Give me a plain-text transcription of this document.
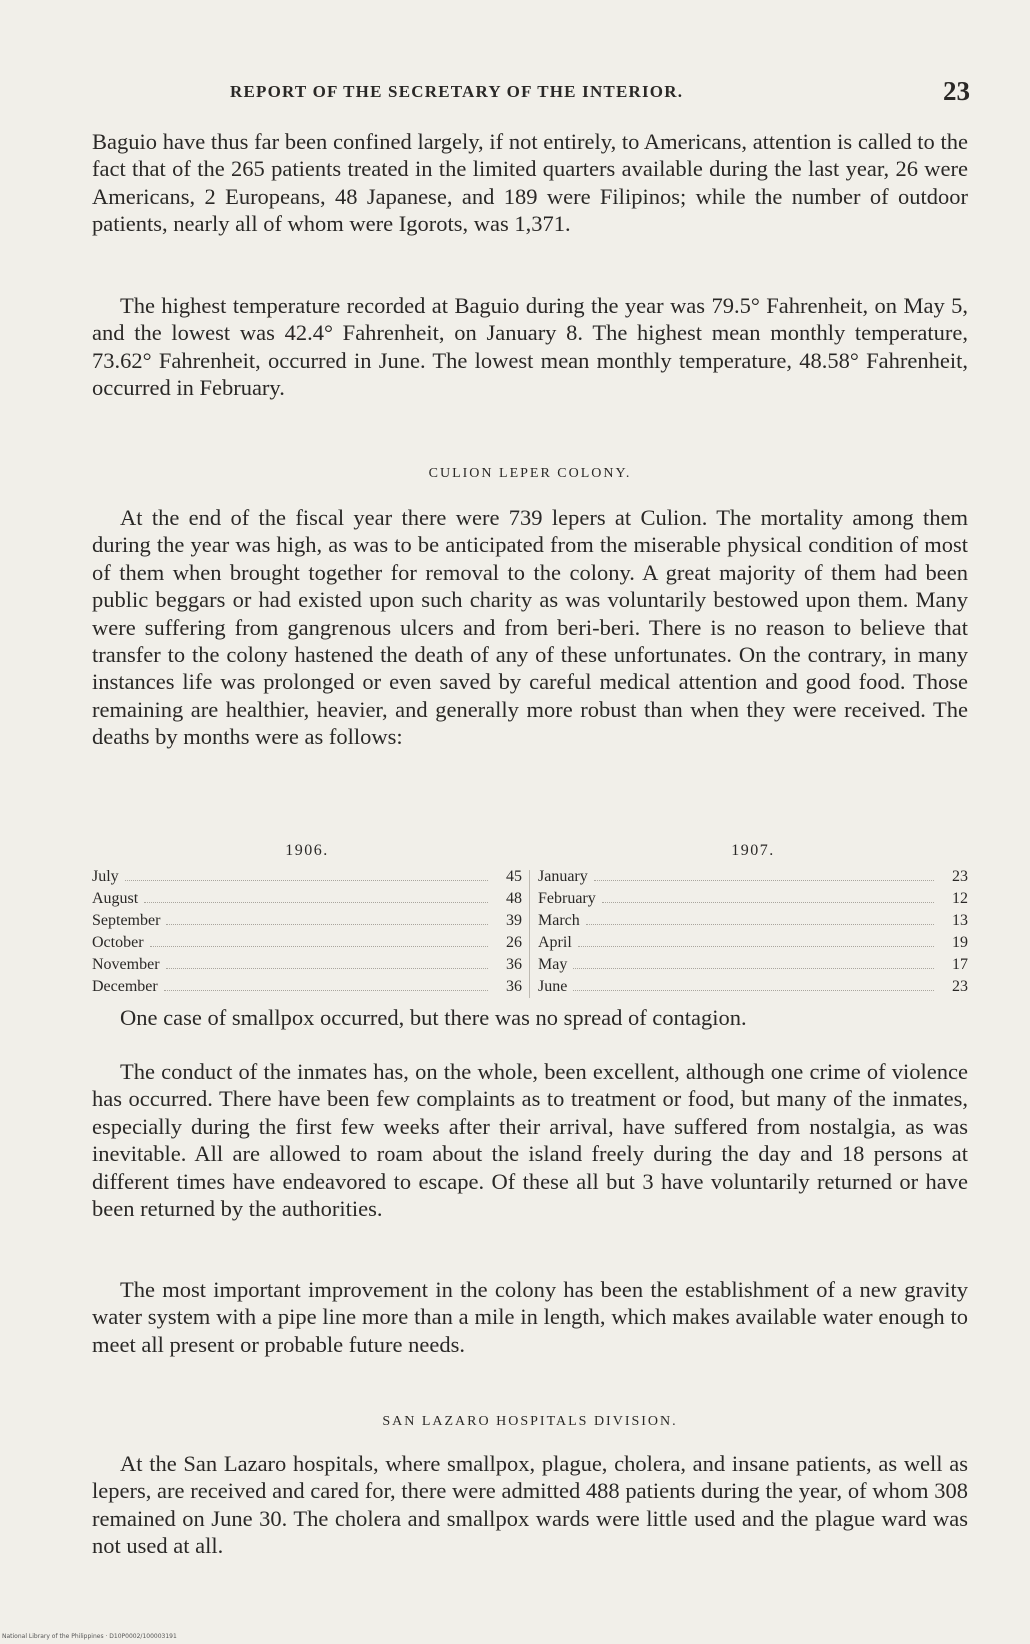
REPORT OF THE SECRETARY OF THE INTERIOR.	23

Baguio have thus far been confined largely, if not entirely, to Americans, attention is called to the fact that of the 265 patients treated in the limited quarters available during the last year, 26 were Americans, 2 Europeans, 48 Japanese, and 189 were Filipinos; while the number of outdoor patients, nearly all of whom were Igorots, was 1,371.

The highest temperature recorded at Baguio during the year was 79.5° Fahrenheit, on May 5, and the lowest was 42.4° Fahrenheit, on January 8. The highest mean monthly temperature, 73.62° Fahrenheit, occurred in June. The lowest mean monthly temperature, 48.58° Fahrenheit, occurred in February.

CULION LEPER COLONY.

At the end of the fiscal year there were 739 lepers at Culion. The mortality among them during the year was high, as was to be anticipated from the miserable physical condition of most of them when brought together for removal to the colony. A great majority of them had been public beggars or had existed upon such charity as was voluntarily bestowed upon them. Many were suffering from gangrenous ulcers and from beri-beri. There is no reason to believe that transfer to the colony hastened the death of any of these unfortunates. On the contrary, in many instances life was prolonged or even saved by careful medical attention and good food. Those remaining are healthier, heavier, and generally more robust than when they were received. The deaths by months were as follows:

1906.
July	45
August	48
September	39
October	26
November	36
December	36
1907.
January	23
February	12
March	13
April	19
May	17
June	23

One case of smallpox occurred, but there was no spread of contagion.

The conduct of the inmates has, on the whole, been excellent, although one crime of violence has occurred. There have been few complaints as to treatment or food, but many of the inmates, especially during the first few weeks after their arrival, have suffered from nostalgia, as was inevitable. All are allowed to roam about the island freely during the day and 18 persons at different times have endeavored to escape. Of these all but 3 have voluntarily returned or have been returned by the authorities.

The most important improvement in the colony has been the establishment of a new gravity water system with a pipe line more than a mile in length, which makes available water enough to meet all present or probable future needs.

SAN LAZARO HOSPITALS DIVISION.

At the San Lazaro hospitals, where smallpox, plague, cholera, and insane patients, as well as lepers, are received and cared for, there were admitted 488 patients during the year, of whom 308 remained on June 30. The cholera and smallpox wards were little used and the plague ward was not used at all.

National Library of the Philippines · D10P0002/100003191
